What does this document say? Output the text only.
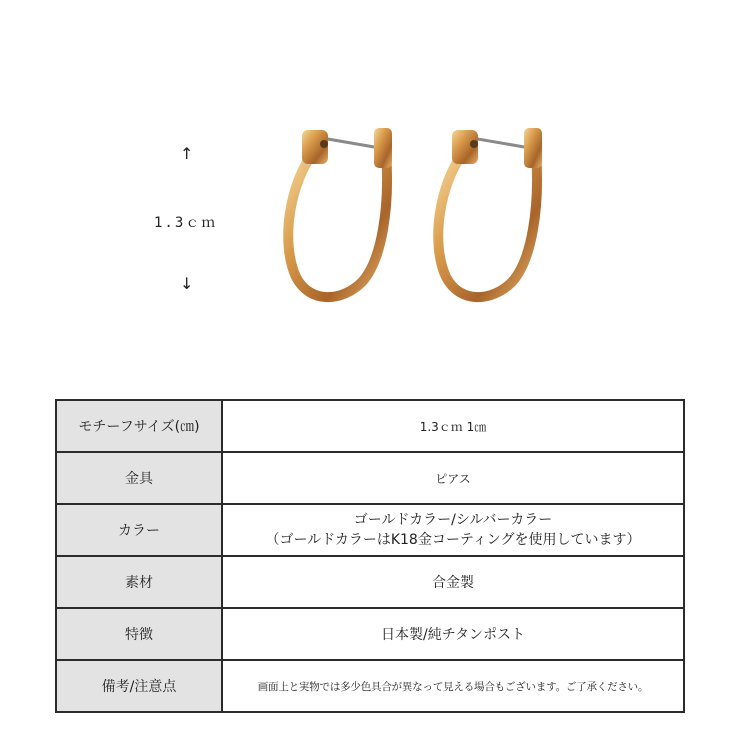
↑
1.3ｃｍ
↓
モチーフサイズ(㎝)	1.3ｃｍ 1㎝
金具	ピアス
カラー	ゴールドカラー/シルバーカラー
（ゴールドカラーはK18金コーティングを使用しています）

素材	合金製
特徴	日本製/純チタンポスト
備考/注意点	画面上と実物では多少色具合が異なって見える場合もございます。ご了承ください。
